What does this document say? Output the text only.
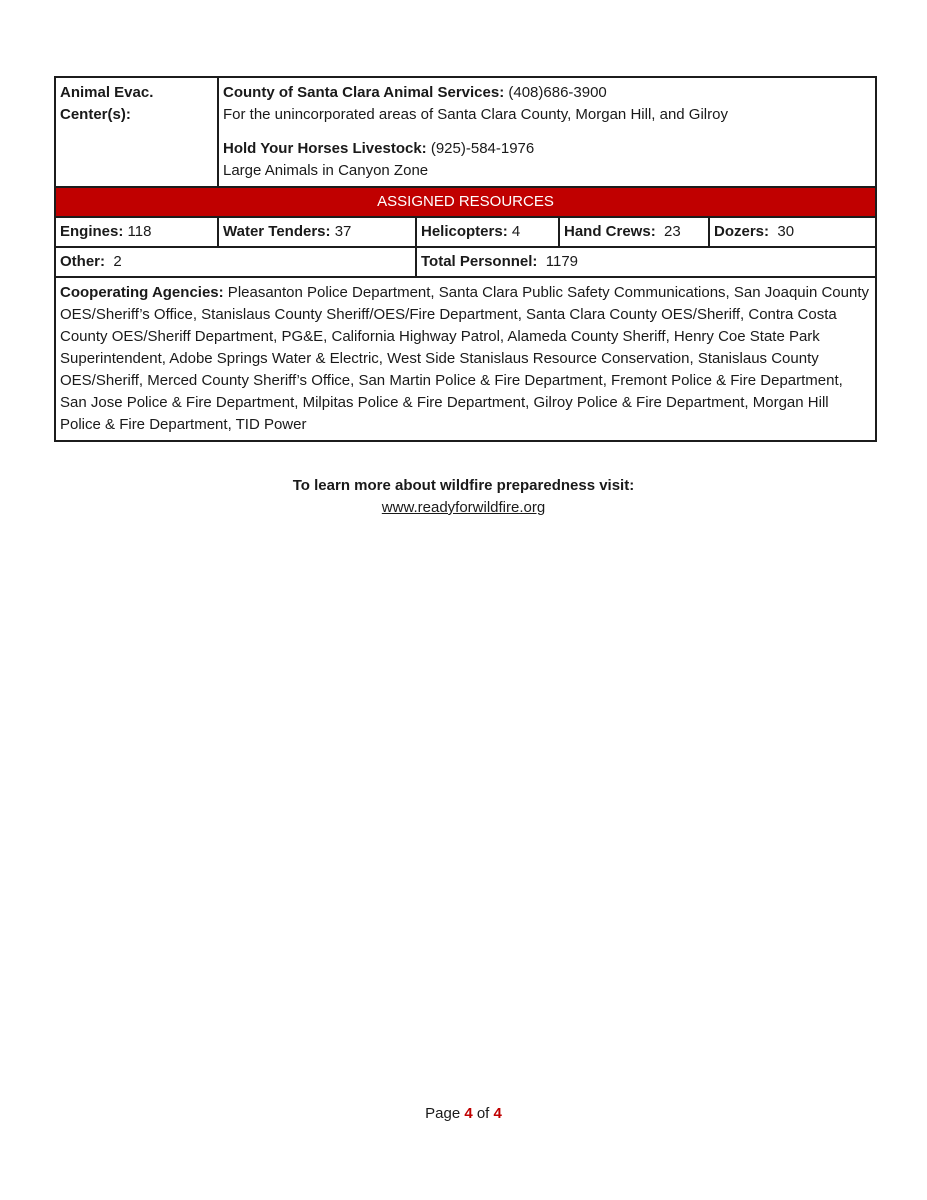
Animal Evac. Center(s):	County of Santa Clara Animal Services: (408)686-3900
For the unincorporated areas of Santa Clara County, Morgan Hill, and Gilroy
Hold Your Horses Livestock: (925)-584-1976
Large Animals in Canyon Zone			

ASSIGNED RESOURCES				
Engines: 118	Water Tenders: 37	Helicopters: 4	Hand Crews:  23	Dozers:  30
Other:  2		Total Personnel:  1179		
Cooperating Agencies: Pleasanton Police Department, Santa Clara Public Safety Communications, San Joaquin County OES/Sheriff’s Office, Stanislaus County Sheriff/OES/Fire Department, Santa Clara County OES/Sheriff, Contra Costa County OES/Sheriff Department, PG&E, California Highway Patrol, Alameda County Sheriff, Henry Coe State Park Superintendent, Adobe Springs Water & Electric, West Side Stanislaus Resource Conservation, Stanislaus County OES/Sheriff, Merced County Sheriff’s Office, San Martin Police & Fire Department, Fremont Police & Fire Department, San Jose Police & Fire Department, Milpitas Police & Fire Department, Gilroy Police & Fire Department, Morgan Hill Police & Fire Department, TID Power				
To learn more about wildfire preparedness visit:
www.readyforwildfire.org
Page 4 of 4
